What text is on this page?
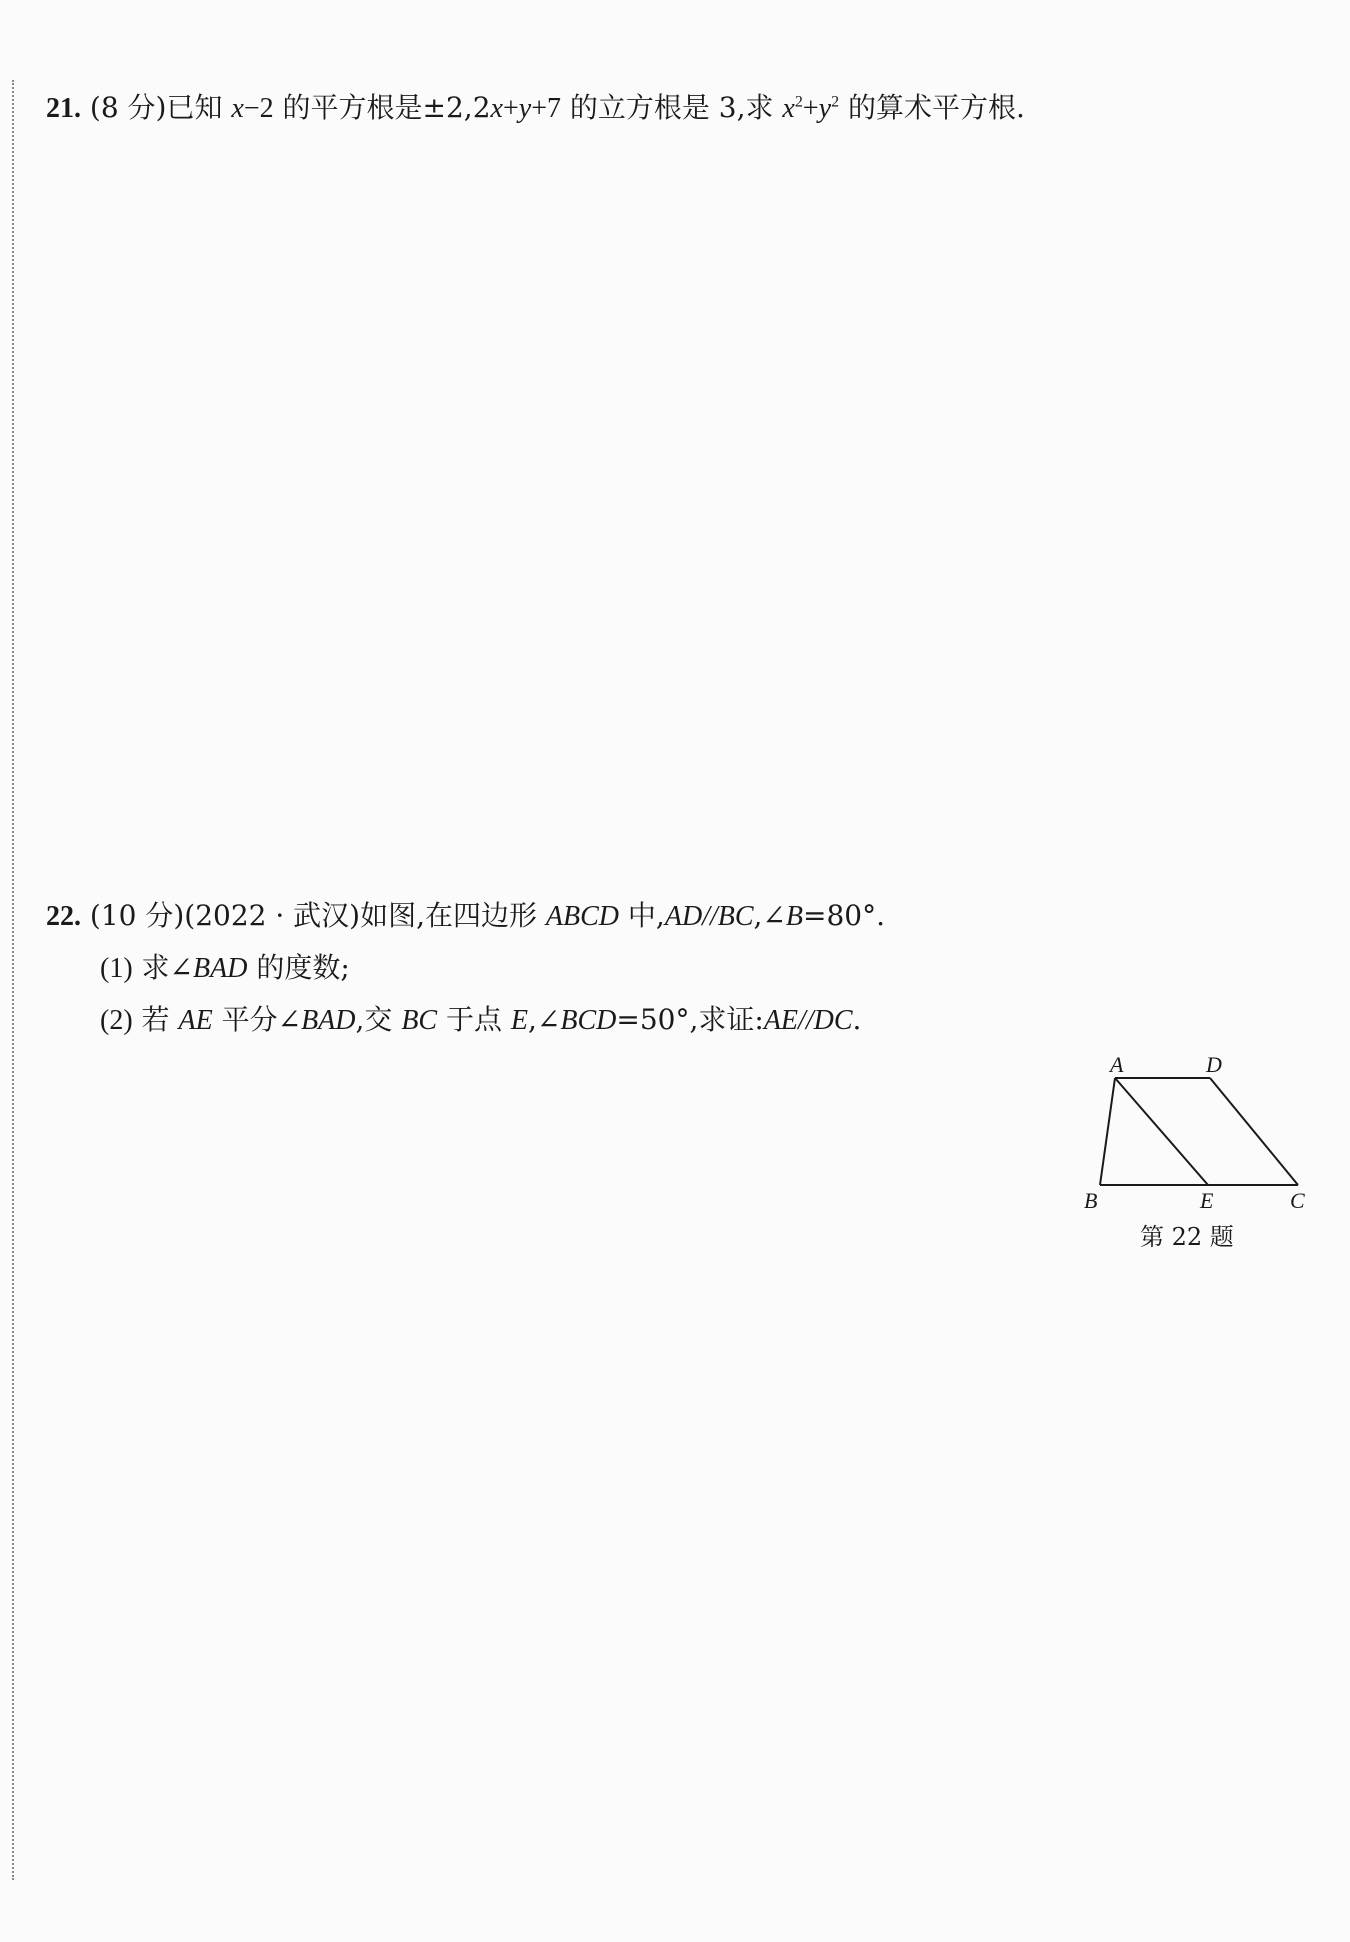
21. (8 分)已知 x−2 的平方根是±2,2x+y+7 的立方根是 3,求 $x^2+y^2$ 的算术平方根.
22. (10 分)(2022 · 武汉)如图,在四边形 ABCD 中,AD//BC,∠B=80°.
(1) 求∠BAD 的度数;
(2) 若 AE 平分∠BAD,交 BC 于点 E,∠BCD=50°,求证:AE//DC.
A	D
B	E	C
第 22 题
